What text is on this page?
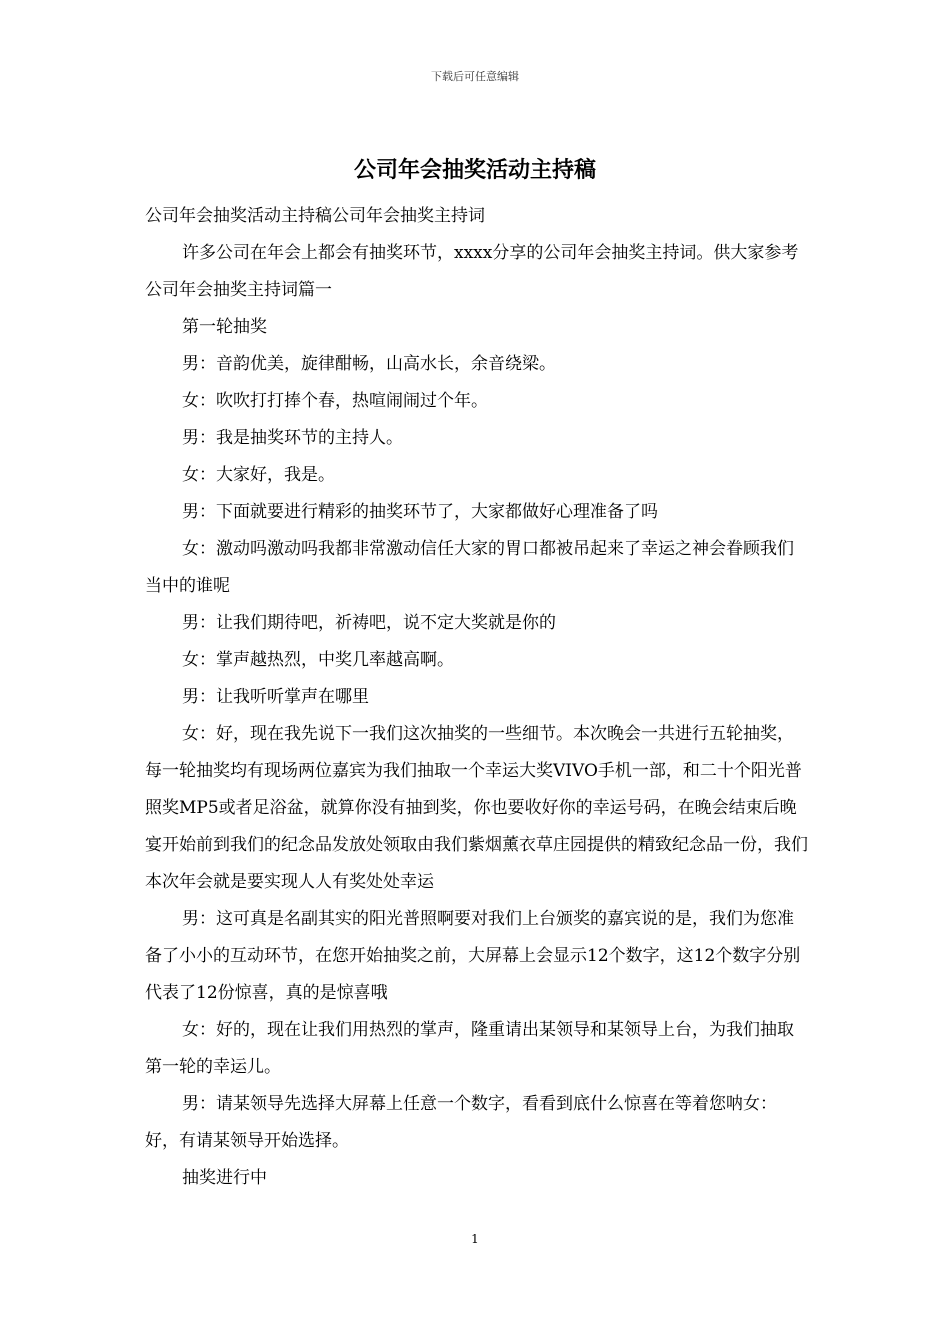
下载后可任意编辑
公司年会抽奖活动主持稿

公司年会抽奖活动主持稿公司年会抽奖主持词

许多公司在年会上都会有抽奖环节，xxxx分享的公司年会抽奖主持词。供大家参考公司年会抽奖主持词篇一

第一轮抽奖

男：音韵优美，旋律酣畅，山高水长，余音绕梁。

女：吹吹打打捧个春，热喧闹闹过个年。

男：我是抽奖环节的主持人。

女：大家好，我是。

男：下面就要进行精彩的抽奖环节了，大家都做好心理准备了吗

女：激动吗激动吗我都非常激动信任大家的胃口都被吊起来了幸运之神会眷顾我们当中的谁呢

男：让我们期待吧，祈祷吧，说不定大奖就是你的

女：掌声越热烈，中奖几率越高啊。

男：让我听听掌声在哪里

女：好，现在我先说下一我们这次抽奖的一些细节。本次晚会一共进行五轮抽奖，每一轮抽奖均有现场两位嘉宾为我们抽取一个幸运大奖VIVO手机一部，和二十个阳光普照奖MP5或者足浴盆，就算你没有抽到奖，你也要收好你的幸运号码，在晚会结束后晚宴开始前到我们的纪念品发放处领取由我们紫烟薰衣草庄园提供的精致纪念品一份，我们本次年会就是要实现人人有奖处处幸运

男：这可真是名副其实的阳光普照啊要对我们上台颁奖的嘉宾说的是，我们为您准备了小小的互动环节，在您开始抽奖之前，大屏幕上会显示12个数字，这12个数字分别代表了12份惊喜，真的是惊喜哦

女：好的，现在让我们用热烈的掌声，隆重请出某领导和某领导上台，为我们抽取第一轮的幸运儿。

男：请某领导先选择大屏幕上任意一个数字，看看到底什么惊喜在等着您呐女：好，有请某领导开始选择。

抽奖进行中

1
